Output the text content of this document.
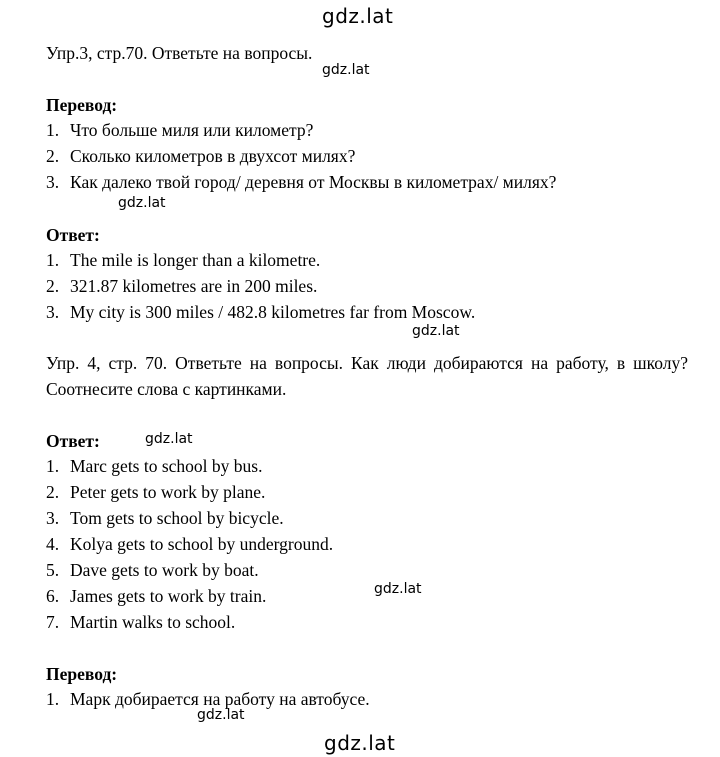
gdz.lat
gdz.lat
gdz.lat
gdz.lat
gdz.lat
gdz.lat
gdz.lat
gdz.lat
Упр.3, стр.70. Ответьте на вопросы.
Перевод:
1. Что больше миля или километр?
2. Сколько километров в двухсот милях?
3. Как далеко твой город/ деревня от Москвы в километрах/ милях?
Ответ:
1. The mile is longer than a kilometre.
2. 321.87 kilometres are in 200 miles.
3. My city is 300 miles / 482.8 kilometres far from Moscow.
Упр. 4, стр. 70. Ответьте на вопросы. Как люди добираются на работу, в школу? Соотнесите слова с картинками.
Ответ:
1. Marc gets to school by bus.
2. Peter gets to work by plane.
3. Tom gets to school by bicycle.
4. Kolya gets to school by underground.
5. Dave gets to work by boat.
6. James gets to work by train.
7. Martin walks to school.
Перевод:
1. Марк добирается на работу на автобусе.
